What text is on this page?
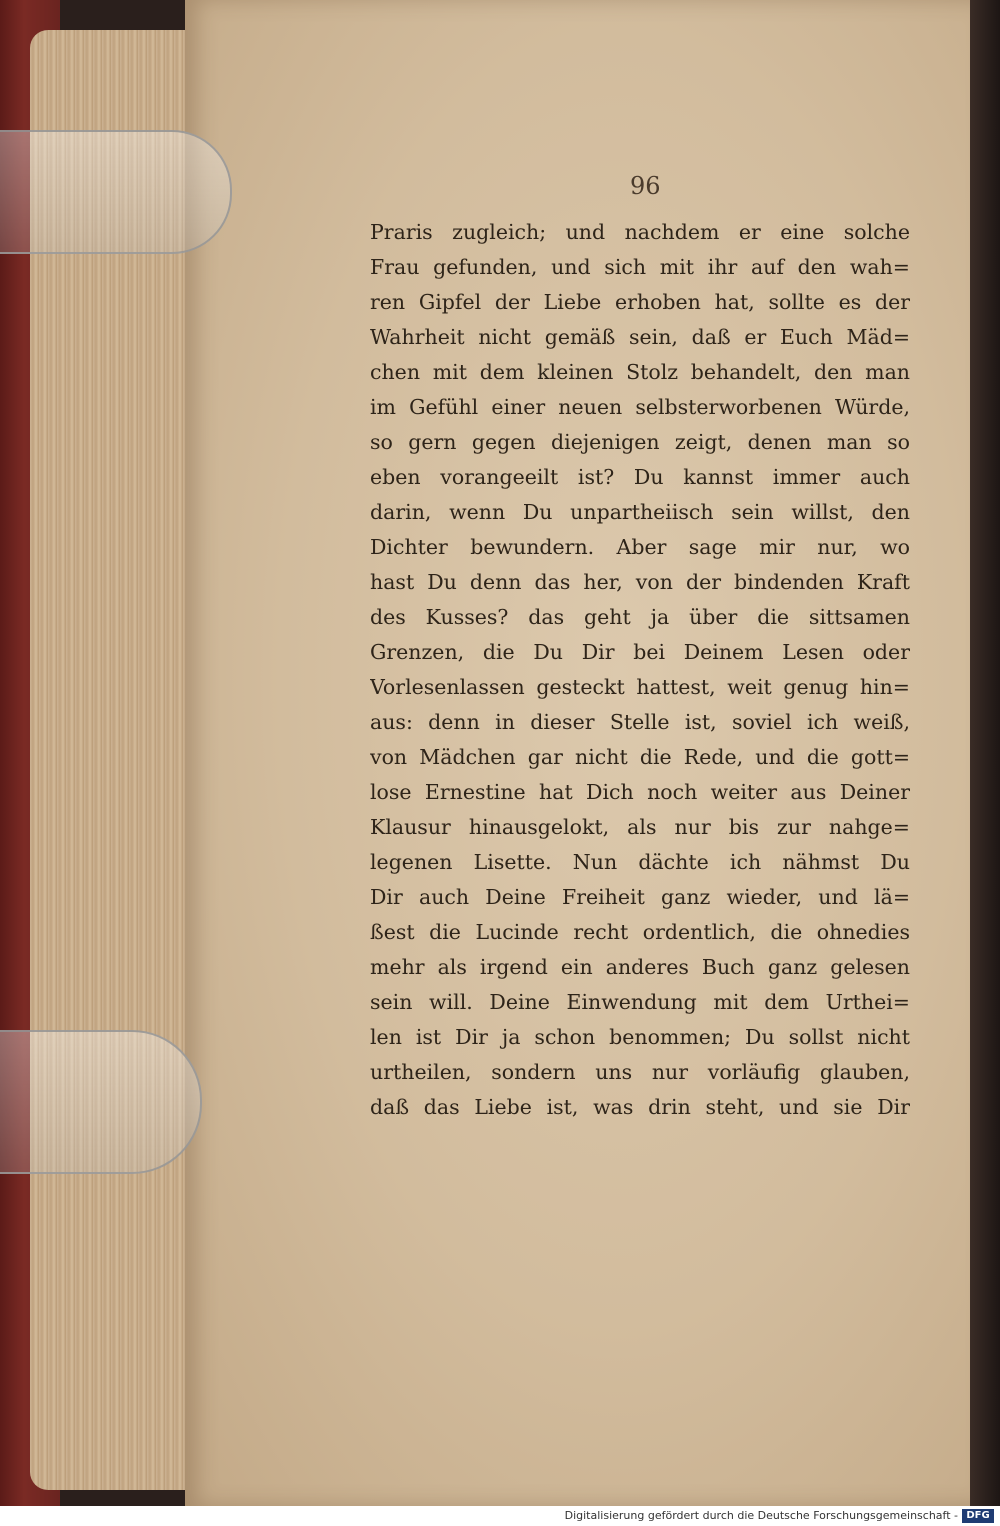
96
Praris zugleich; und nachdem er eine solche
Frau gefunden, und sich mit ihr auf den wah=
ren Gipfel der Liebe erhoben hat, sollte es der
Wahrheit nicht gemäß sein, daß er Euch Mäd=
chen mit dem kleinen Stolz behandelt, den man
im Gefühl einer neuen selbsterworbenen Würde,
so gern gegen diejenigen zeigt, denen man so
eben vorangeeilt ist? Du kannst immer auch
darin, wenn Du unpartheiisch sein willst, den
Dichter bewundern. Aber sage mir nur, wo
hast Du denn das her, von der bindenden Kraft
des Kusses? das geht ja über die sittsamen
Grenzen, die Du Dir bei Deinem Lesen oder
Vorlesenlassen gesteckt hattest, weit genug hin=
aus: denn in dieser Stelle ist, soviel ich weiß,
von Mädchen gar nicht die Rede, und die gott=
lose Ernestine hat Dich noch weiter aus Deiner
Klausur hinausgelokt, als nur bis zur nahge=
legenen Lisette. Nun dächte ich nähmst Du
Dir auch Deine Freiheit ganz wieder, und lä=
ßest die Lucinde recht ordentlich, die ohnedies
mehr als irgend ein anderes Buch ganz gelesen
sein will. Deine Einwendung mit dem Urthei=
len ist Dir ja schon benommen; Du sollst nicht
urtheilen, sondern uns nur vorläufig glauben,
daß das Liebe ist, was drin steht, und sie Dir
Digitalisierung gefördert durch die Deutsche Forschungsgemeinschaft - DFG
